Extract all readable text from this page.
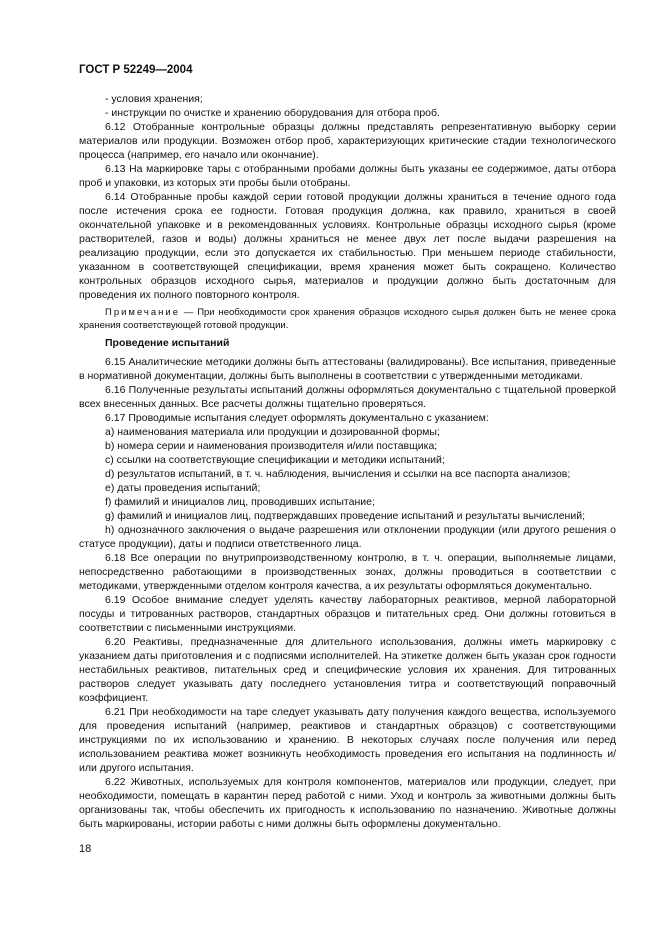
ГОСТ Р 52249—2004

- условия хранения;

- инструкции по очистке и хранению оборудования для отбора проб.

6.12 Отобранные контрольные образцы должны представлять репрезентативную выборку серии материалов или продукции. Возможен отбор проб, характеризующих критические стадии технологического процесса (например, его начало или окончание).

6.13 На маркировке тары с отобранными пробами должны быть указаны ее содержимое, даты отбора проб и упаковки, из которых эти пробы были отобраны.

6.14 Отобранные пробы каждой серии готовой продукции должны храниться в течение одного года после истечения срока ее годности. Готовая продукция должна, как правило, храниться в своей окончательной упаковке и в рекомендованных условиях. Контрольные образцы исходного сырья (кроме растворителей, газов и воды) должны храниться не менее двух лет после выдачи разрешения на реализацию продукции, если это допускается их стабильностью. При меньшем периоде стабильности, указанном в соответствующей спецификации, время хранения может быть сокращено. Количество контрольных образцов исходного сырья, материалов и продукции должно быть достаточным для проведения их полного повторного контроля.

Примечание — При необходимости срок хранения образцов исходного сырья должен быть не менее срока хранения соответствующей готовой продукции.

Проведение испытаний

6.15 Аналитические методики должны быть аттестованы (валидированы). Все испытания, приведенные в нормативной документации, должны быть выполнены в соответствии с утвержденными методиками.

6.16 Полученные результаты испытаний должны оформляться документально с тщательной проверкой всех внесенных данных. Все расчеты должны тщательно проверяться.

6.17 Проводимые испытания следует оформлять документально с указанием:

a) наименования материала или продукции и дозированной формы;

b) номера серии и наименования производителя и/или поставщика;

c) ссылки на соответствующие спецификации и методики испытаний;

d) результатов испытаний, в т. ч. наблюдения, вычисления и ссылки на все паспорта анализов;

e) даты проведения испытаний;

f) фамилий и инициалов лиц, проводивших испытание;

g) фамилий и инициалов лиц, подтверждавших проведение испытаний и результаты вычислений;

h) однозначного заключения о выдаче разрешения или отклонении продукции (или другого решения о статусе продукции), даты и подписи ответственного лица.

6.18 Все операции по внутрипроизводственному контролю, в т. ч. операции, выполняемые лицами, непосредственно работающими в производственных зонах, должны проводиться в соответствии с методиками, утвержденными отделом контроля качества, а их результаты оформляться документально.

6.19 Особое внимание следует уделять качеству лабораторных реактивов, мерной лабораторной посуды и титрованных растворов, стандартных образцов и питательных сред. Они должны готовиться в соответствии с письменными инструкциями.

6.20 Реактивы, предназначенные для длительного использования, должны иметь маркировку с указанием даты приготовления и с подписями исполнителей. На этикетке должен быть указан срок годности нестабильных реактивов, питательных сред и специфические условия их хранения. Для титрованных растворов следует указывать дату последнего установления титра и соответствующий поправочный коэффициент.

6.21 При необходимости на таре следует указывать дату получения каждого вещества, используемого для проведения испытаний (например, реактивов и стандартных образцов) с соответствующими инструкциями по их использованию и хранению. В некоторых случаях после получения или перед использованием реактива может возникнуть необходимость проведения его испытания на подлинность и/или другого испытания.

6.22 Животных, используемых для контроля компонентов, материалов или продукции, следует, при необходимости, помещать в карантин перед работой с ними. Уход и контроль за животными должны быть организованы так, чтобы обеспечить их пригодность к использованию по назначению. Животные должны быть маркированы, истории работы с ними должны быть оформлены документально.

18
